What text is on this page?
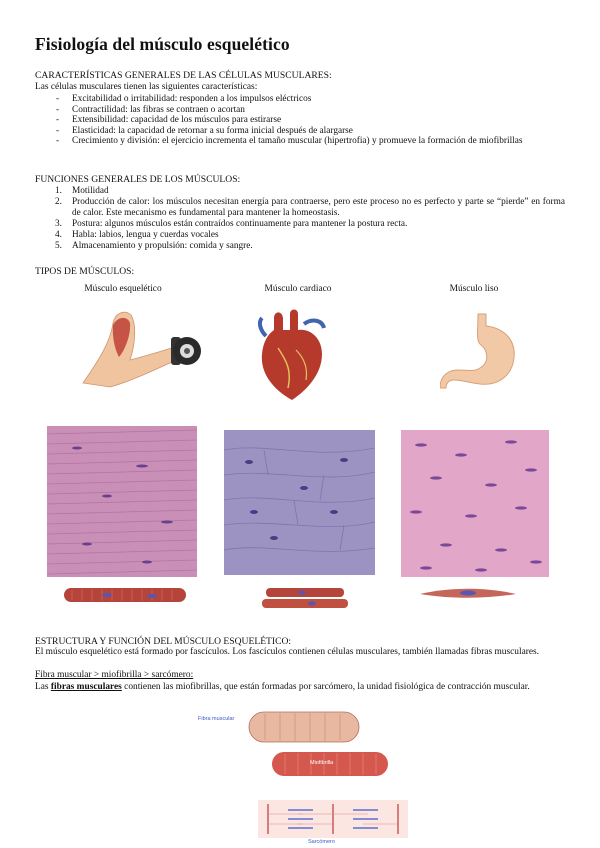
Fisiología del músculo esquelético

CARACTERÍSTICAS GENERALES DE LAS CÉLULAS MUSCULARES:

Las células musculares tienen las siguientes características:

- Excitabilidad o irritabilidad: responden a los impulsos eléctricos
- Contractilidad: las fibras se contraen o acortan
- Extensibilidad: capacidad de los músculos para estirarse
- Elasticidad: la capacidad de retornar a su forma inicial después de alargarse
- Crecimiento y división: el ejercicio incrementa el tamaño muscular (hipertrofia) y promueve la formación de miofibrillas

FUNCIONES GENERALES DE LOS MÚSCULOS:

1. Motilidad
2. Producción de calor: los músculos necesitan energía para contraerse, pero este proceso no es perfecto y parte se “pierde” en forma de calor. Este mecanismo es fundamental para mantener la homeostasis.
3. Postura: algunos músculos están contraídos continuamente para mantener la postura recta.
4. Habla: labios, lengua y cuerdas vocales
5. Almacenamiento y propulsión: comida y sangre.

TIPOS DE MÚSCULOS:

Músculo esquelético	Músculo cardiaco	Músculo liso

ESTRUCTURA Y FUNCIÓN DEL MÚSCULO ESQUELÉTICO:

El músculo esquelético está formado por fascículos. Los fascículos contienen células musculares, también llamadas fibras musculares.

Fibra muscular > miofibrilla > sarcómero:

Las fibras musculares contienen las miofibrillas, que están formadas por sarcómero, la unidad fisiológica de contracción muscular.

Fibra muscular
Miofibrilla
Sarcómero
